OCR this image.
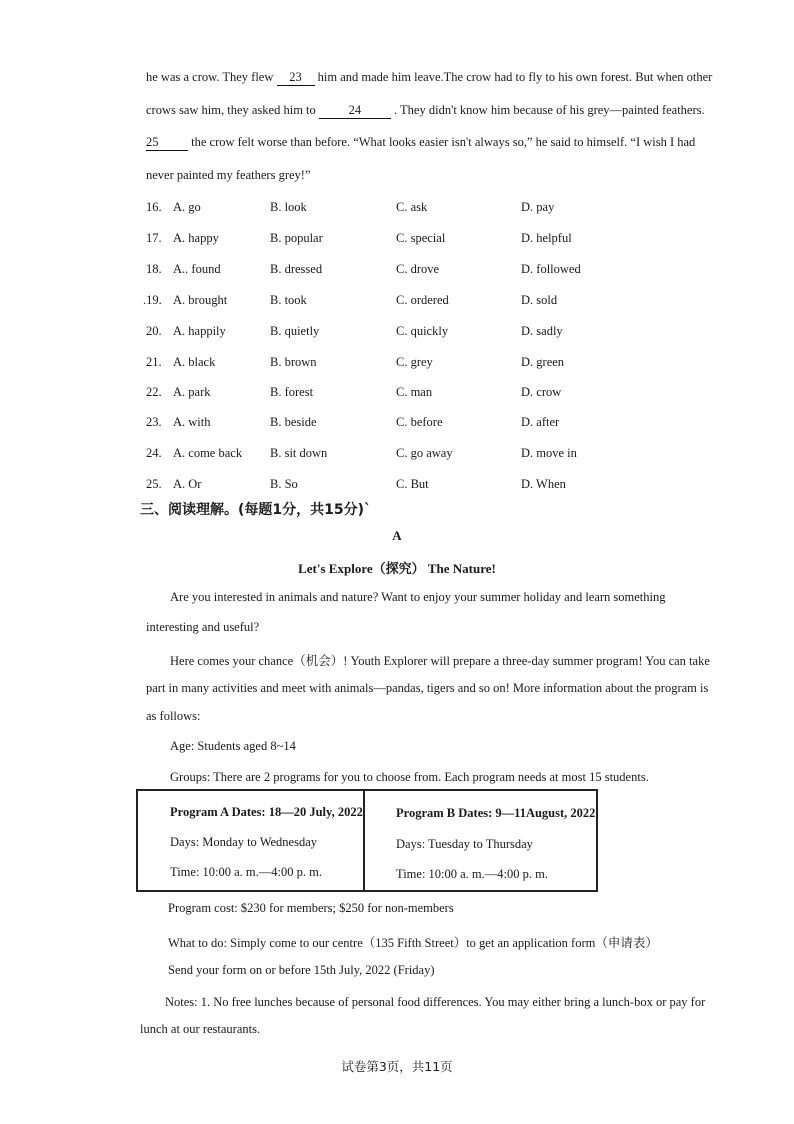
he was a crow. They flew 23 him and made him leave.The crow had to fly to his own forest. But when other
crows saw him, they asked him to	24	. They didn't know him because of his grey—painted feathers.
25	the crow felt worse than before. “What looks easier isn't always so,” he said to himself. “I wish I had
never painted my feathers grey!”
16. A. go	B. look	C. ask	D. pay
17. A. happy	B. popular	C. special	D. helpful
18. A.. found	B. dressed	C. drove	D. followed
.19. A. brought	B. took	C. ordered	D. sold
20. A. happily	B. quietly	C. quickly	D. sadly
21. A. black	B. brown	C. grey	D. green
22. A. park	B. forest	C. man	D. crow
23. A. with	B. beside	C. before	D. after
24. A. come back B. sit down	C. go away	D. move in
25. A. Or	B. So	C. But	D. When
三、阅读理解。(每题1分，共15分)`
A
Let's Explore（探究） The Nature!
Are you interested in animals and nature? Want to enjoy your summer holiday and learn something
interesting and useful?
Here comes your chance（机会）! Youth Explorer will prepare a three-day summer program! You can take
part in many activities and meet with animals—pandas, tigers and so on! More information about the program is
as follows:
Age: Students aged 8~14
Groups: There are 2 programs for you to choose from. Each program needs at most 15 students.
Program A Dates: 18—20 July, 2022
Days: Monday to Wednesday
Time: 10:00 a. m.—4:00 p. m.
Program B Dates: 9—11August, 2022
Days: Tuesday to Thursday
Time: 10:00 a. m.—4:00 p. m.
Program cost: $230 for members; $250 for non-members
What to do: Simply come to our centre（135 Fifth Street）to get an application form（申请表）
Send your form on or before 15th July, 2022 (Friday)
Notes: 1. No free lunches because of personal food differences. You may either bring a lunch-box or pay for
lunch at our restaurants.
试卷第3页，共11页
